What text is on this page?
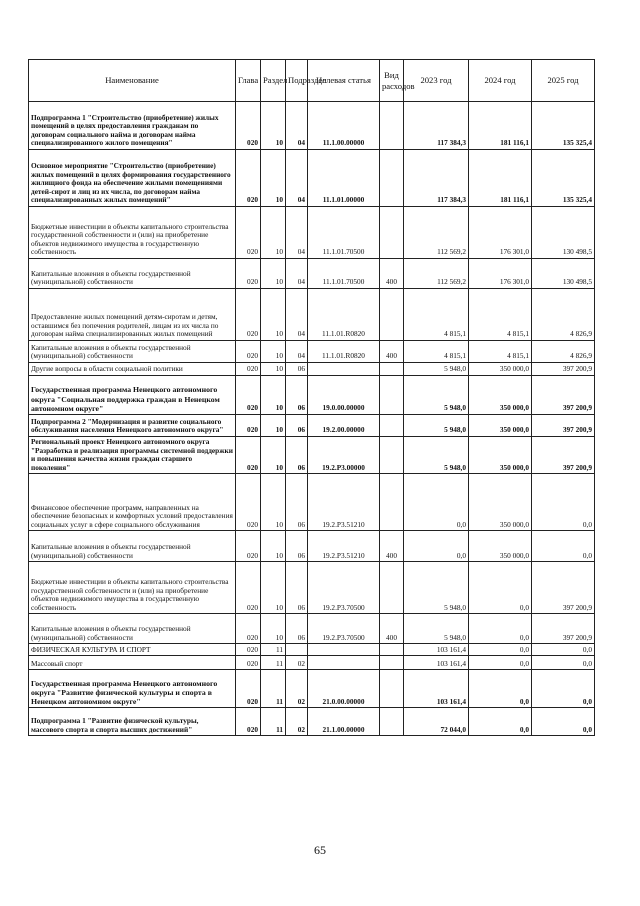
Наименование	Глава	Раздел	Подраздел	Целевая статья	Вид расходов	2023 год	2024 год	2025 год
Подпрограмма 1 "Строительство (приобретение) жилых помещений в целях предоставления гражданам по договорам социального найма и договорам найма специализированного жилого помещения"	020	10	04	11.1.00.00000		117 384,3	181 116,1	135 325,4
Основное мероприятие "Строительство (приобретение) жилых помещений в целях формирования государственного жилищного фонда на обеспечение жилыми помещениями детей-сирот и лиц из их числа, по договорам найма специализированных жилых помещений"	020	10	04	11.1.01.00000		117 384,3	181 116,1	135 325,4
Бюджетные инвестиции в объекты капитального строительства государственной собственности и (или) на приобретение объектов недвижимого имущества в государственную собственность	020	10	04	11.1.01.70500		112 569,2	176 301,0	130 498,5
Капитальные вложения в объекты государственной (муниципальной) собственности	020	10	04	11.1.01.70500	400	112 569,2	176 301,0	130 498,5
Предоставление жилых помещений детям-сиротам и детям, оставшимся без попечения родителей, лицам из их числа по договорам найма специализированных жилых помещений	020	10	04	11.1.01.R0820		4 815,1	4 815,1	4 826,9
Капитальные вложения в объекты государственной (муниципальной) собственности	020	10	04	11.1.01.R0820	400	4 815,1	4 815,1	4 826,9
Другие вопросы в области социальной политики	020	10	06			5 948,0	350 000,0	397 200,9
Государственная программа Ненецкого автономного округа "Социальная поддержка граждан в Ненецком автономном округе"	020	10	06	19.0.00.00000		5 948,0	350 000,0	397 200,9
Подпрограмма 2 "Модернизация и развитие социального обслуживания населения Ненецкого автономного округа"	020	10	06	19.2.00.00000		5 948,0	350 000,0	397 200,9
Региональный проект Ненецкого автономного округа "Разработка и реализация программы системной поддержки и повышения качества жизни граждан старшего поколения"	020	10	06	19.2.P3.00000		5 948,0	350 000,0	397 200,9
Финансовое обеспечение программ, направленных на обеспечение безопасных и комфортных условий предоставления социальных услуг в сфере социального обслуживания	020	10	06	19.2.P3.51210		0,0	350 000,0	0,0
Капитальные вложения в объекты государственной (муниципальной) собственности	020	10	06	19.2.P3.51210	400	0,0	350 000,0	0,0
Бюджетные инвестиции в объекты капитального строительства государственной собственности и (или) на приобретение объектов недвижимого имущества в государственную собственность	020	10	06	19.2.P3.70500		5 948,0	0,0	397 200,9
Капитальные вложения в объекты государственной (муниципальной) собственности	020	10	06	19.2.P3.70500	400	5 948,0	0,0	397 200,9
ФИЗИЧЕСКАЯ КУЛЬТУРА И СПОРТ	020	11				103 161,4	0,0	0,0
Массовый спорт	020	11	02			103 161,4	0,0	0,0
Государственная программа Ненецкого автономного округа "Развитие физической культуры и спорта в Ненецком автономном округе"	020	11	02	21.0.00.00000		103 161,4	0,0	0,0
Подпрограмма 1 "Развитие физической культуры, массового спорта и спорта высших достижений"	020	11	02	21.1.00.00000		72 044,0	0,0	0,0
65
